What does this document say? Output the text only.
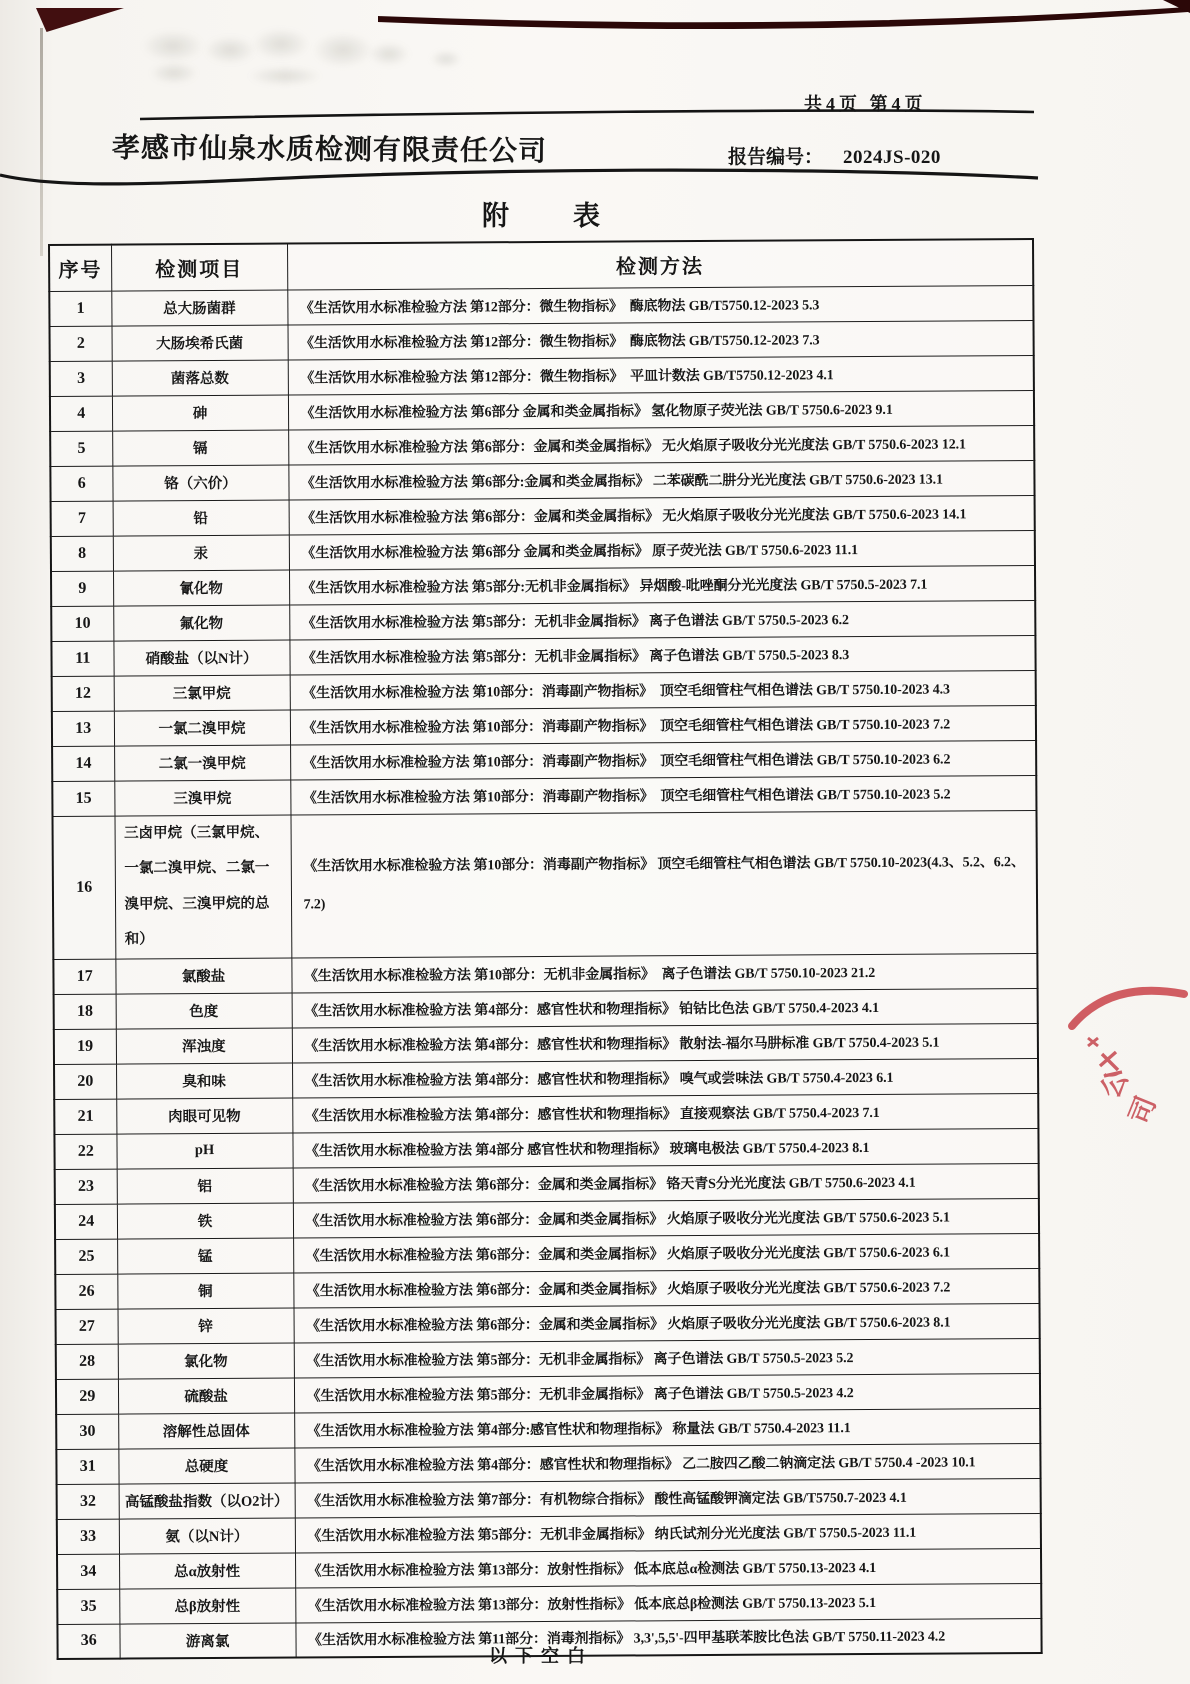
共4页 第4页
孝感市仙泉水质检测有限责任公司	报告编号： 2024JS-020
附 表
序号	检测项目	检测方法
1	总大肠菌群	《生活饮用水标准检验方法 第12部分：微生物指标》  酶底物法 GB/T5750.12-2023 5.3
2	大肠埃希氏菌	《生活饮用水标准检验方法 第12部分：微生物指标》  酶底物法 GB/T5750.12-2023 7.3
3	菌落总数	《生活饮用水标准检验方法 第12部分：微生物指标》  平皿计数法 GB/T5750.12-2023 4.1
4	砷	《生活饮用水标准检验方法 第6部分 金属和类金属指标》 氢化物原子荧光法 GB/T 5750.6-2023 9.1
5	镉	《生活饮用水标准检验方法 第6部分：金属和类金属指标》 无火焰原子吸收分光光度法 GB/T 5750.6-2023 12.1
6	铬（六价）	《生活饮用水标准检验方法 第6部分:金属和类金属指标》 二苯碳酰二肼分光光度法 GB/T 5750.6-2023 13.1
7	铅	《生活饮用水标准检验方法 第6部分：金属和类金属指标》 无火焰原子吸收分光光度法 GB/T 5750.6-2023 14.1
8	汞	《生活饮用水标准检验方法 第6部分 金属和类金属指标》 原子荧光法 GB/T 5750.6-2023 11.1
9	氰化物	《生活饮用水标准检验方法 第5部分:无机非金属指标》 异烟酸-吡唑酮分光光度法 GB/T 5750.5-2023 7.1
10	氟化物	《生活饮用水标准检验方法 第5部分：无机非金属指标》 离子色谱法 GB/T 5750.5-2023 6.2
11	硝酸盐（以N计）	《生活饮用水标准检验方法 第5部分：无机非金属指标》 离子色谱法 GB/T 5750.5-2023 8.3
12	三氯甲烷	《生活饮用水标准检验方法 第10部分：消毒副产物指标》  顶空毛细管柱气相色谱法 GB/T 5750.10-2023 4.3
13	一氯二溴甲烷	《生活饮用水标准检验方法 第10部分：消毒副产物指标》  顶空毛细管柱气相色谱法 GB/T 5750.10-2023 7.2
14	二氯一溴甲烷	《生活饮用水标准检验方法 第10部分：消毒副产物指标》  顶空毛细管柱气相色谱法 GB/T 5750.10-2023 6.2
15	三溴甲烷	《生活饮用水标准检验方法 第10部分：消毒副产物指标》  顶空毛细管柱气相色谱法 GB/T 5750.10-2023 5.2
16	三卤甲烷（三氯甲烷、一氯二溴甲烷、二氯一溴甲烷、三溴甲烷的总和）	《生活饮用水标准检验方法 第10部分：消毒副产物指标》 顶空毛细管柱气相色谱法 GB/T 5750.10-2023(4.3、5.2、6.2、7.2)
17	氯酸盐	《生活饮用水标准检验方法 第10部分：无机非金属指标》  离子色谱法 GB/T 5750.10-2023 21.2
18	色度	《生活饮用水标准检验方法 第4部分：感官性状和物理指标》 铂钴比色法 GB/T 5750.4-2023 4.1
19	浑浊度	《生活饮用水标准检验方法 第4部分：感官性状和物理指标》 散射法-福尔马肼标准 GB/T 5750.4-2023 5.1
20	臭和味	《生活饮用水标准检验方法 第4部分：感官性状和物理指标》 嗅气或尝味法 GB/T 5750.4-2023 6.1
21	肉眼可见物	《生活饮用水标准检验方法 第4部分：感官性状和物理指标》 直接观察法 GB/T 5750.4-2023 7.1
22	pH	《生活饮用水标准检验方法 第4部分 感官性状和物理指标》 玻璃电极法 GB/T 5750.4-2023 8.1
23	铝	《生活饮用水标准检验方法 第6部分：金属和类金属指标》 铬天青S分光光度法 GB/T 5750.6-2023 4.1
24	铁	《生活饮用水标准检验方法 第6部分：金属和类金属指标》 火焰原子吸收分光光度法 GB/T 5750.6-2023 5.1
25	锰	《生活饮用水标准检验方法 第6部分：金属和类金属指标》 火焰原子吸收分光光度法 GB/T 5750.6-2023 6.1
26	铜	《生活饮用水标准检验方法 第6部分：金属和类金属指标》 火焰原子吸收分光光度法 GB/T 5750.6-2023 7.2
27	锌	《生活饮用水标准检验方法 第6部分：金属和类金属指标》 火焰原子吸收分光光度法 GB/T 5750.6-2023 8.1
28	氯化物	《生活饮用水标准检验方法 第5部分：无机非金属指标》 离子色谱法 GB/T 5750.5-2023 5.2
29	硫酸盐	《生活饮用水标准检验方法 第5部分：无机非金属指标》 离子色谱法 GB/T 5750.5-2023 4.2
30	溶解性总固体	《生活饮用水标准检验方法 第4部分:感官性状和物理指标》 称量法 GB/T 5750.4-2023 11.1
31	总硬度	《生活饮用水标准检验方法 第4部分：感官性状和物理指标》 乙二胺四乙酸二钠滴定法 GB/T 5750.4 -2023 10.1
32	高锰酸盐指数（以O2计）	《生活饮用水标准检验方法 第7部分：有机物综合指标》 酸性高锰酸钾滴定法 GB/T5750.7-2023 4.1
33	氨（以N计）	《生活饮用水标准检验方法 第5部分：无机非金属指标》 纳氏试剂分光光度法 GB/T 5750.5-2023 11.1
34	总α放射性	《生活饮用水标准检验方法 第13部分：放射性指标》 低本底总α检测法 GB/T 5750.13-2023 4.1
35	总β放射性	《生活饮用水标准检验方法 第13部分：放射性指标》 低本底总β检测法 GB/T 5750.13-2023 5.1
36	游离氯	《生活饮用水标准检验方法 第11部分：消毒剂指标》 3,3',5,5'-四甲基联苯胺比色法 GB/T 5750.11-2023 4.2
以下空白
公
司
